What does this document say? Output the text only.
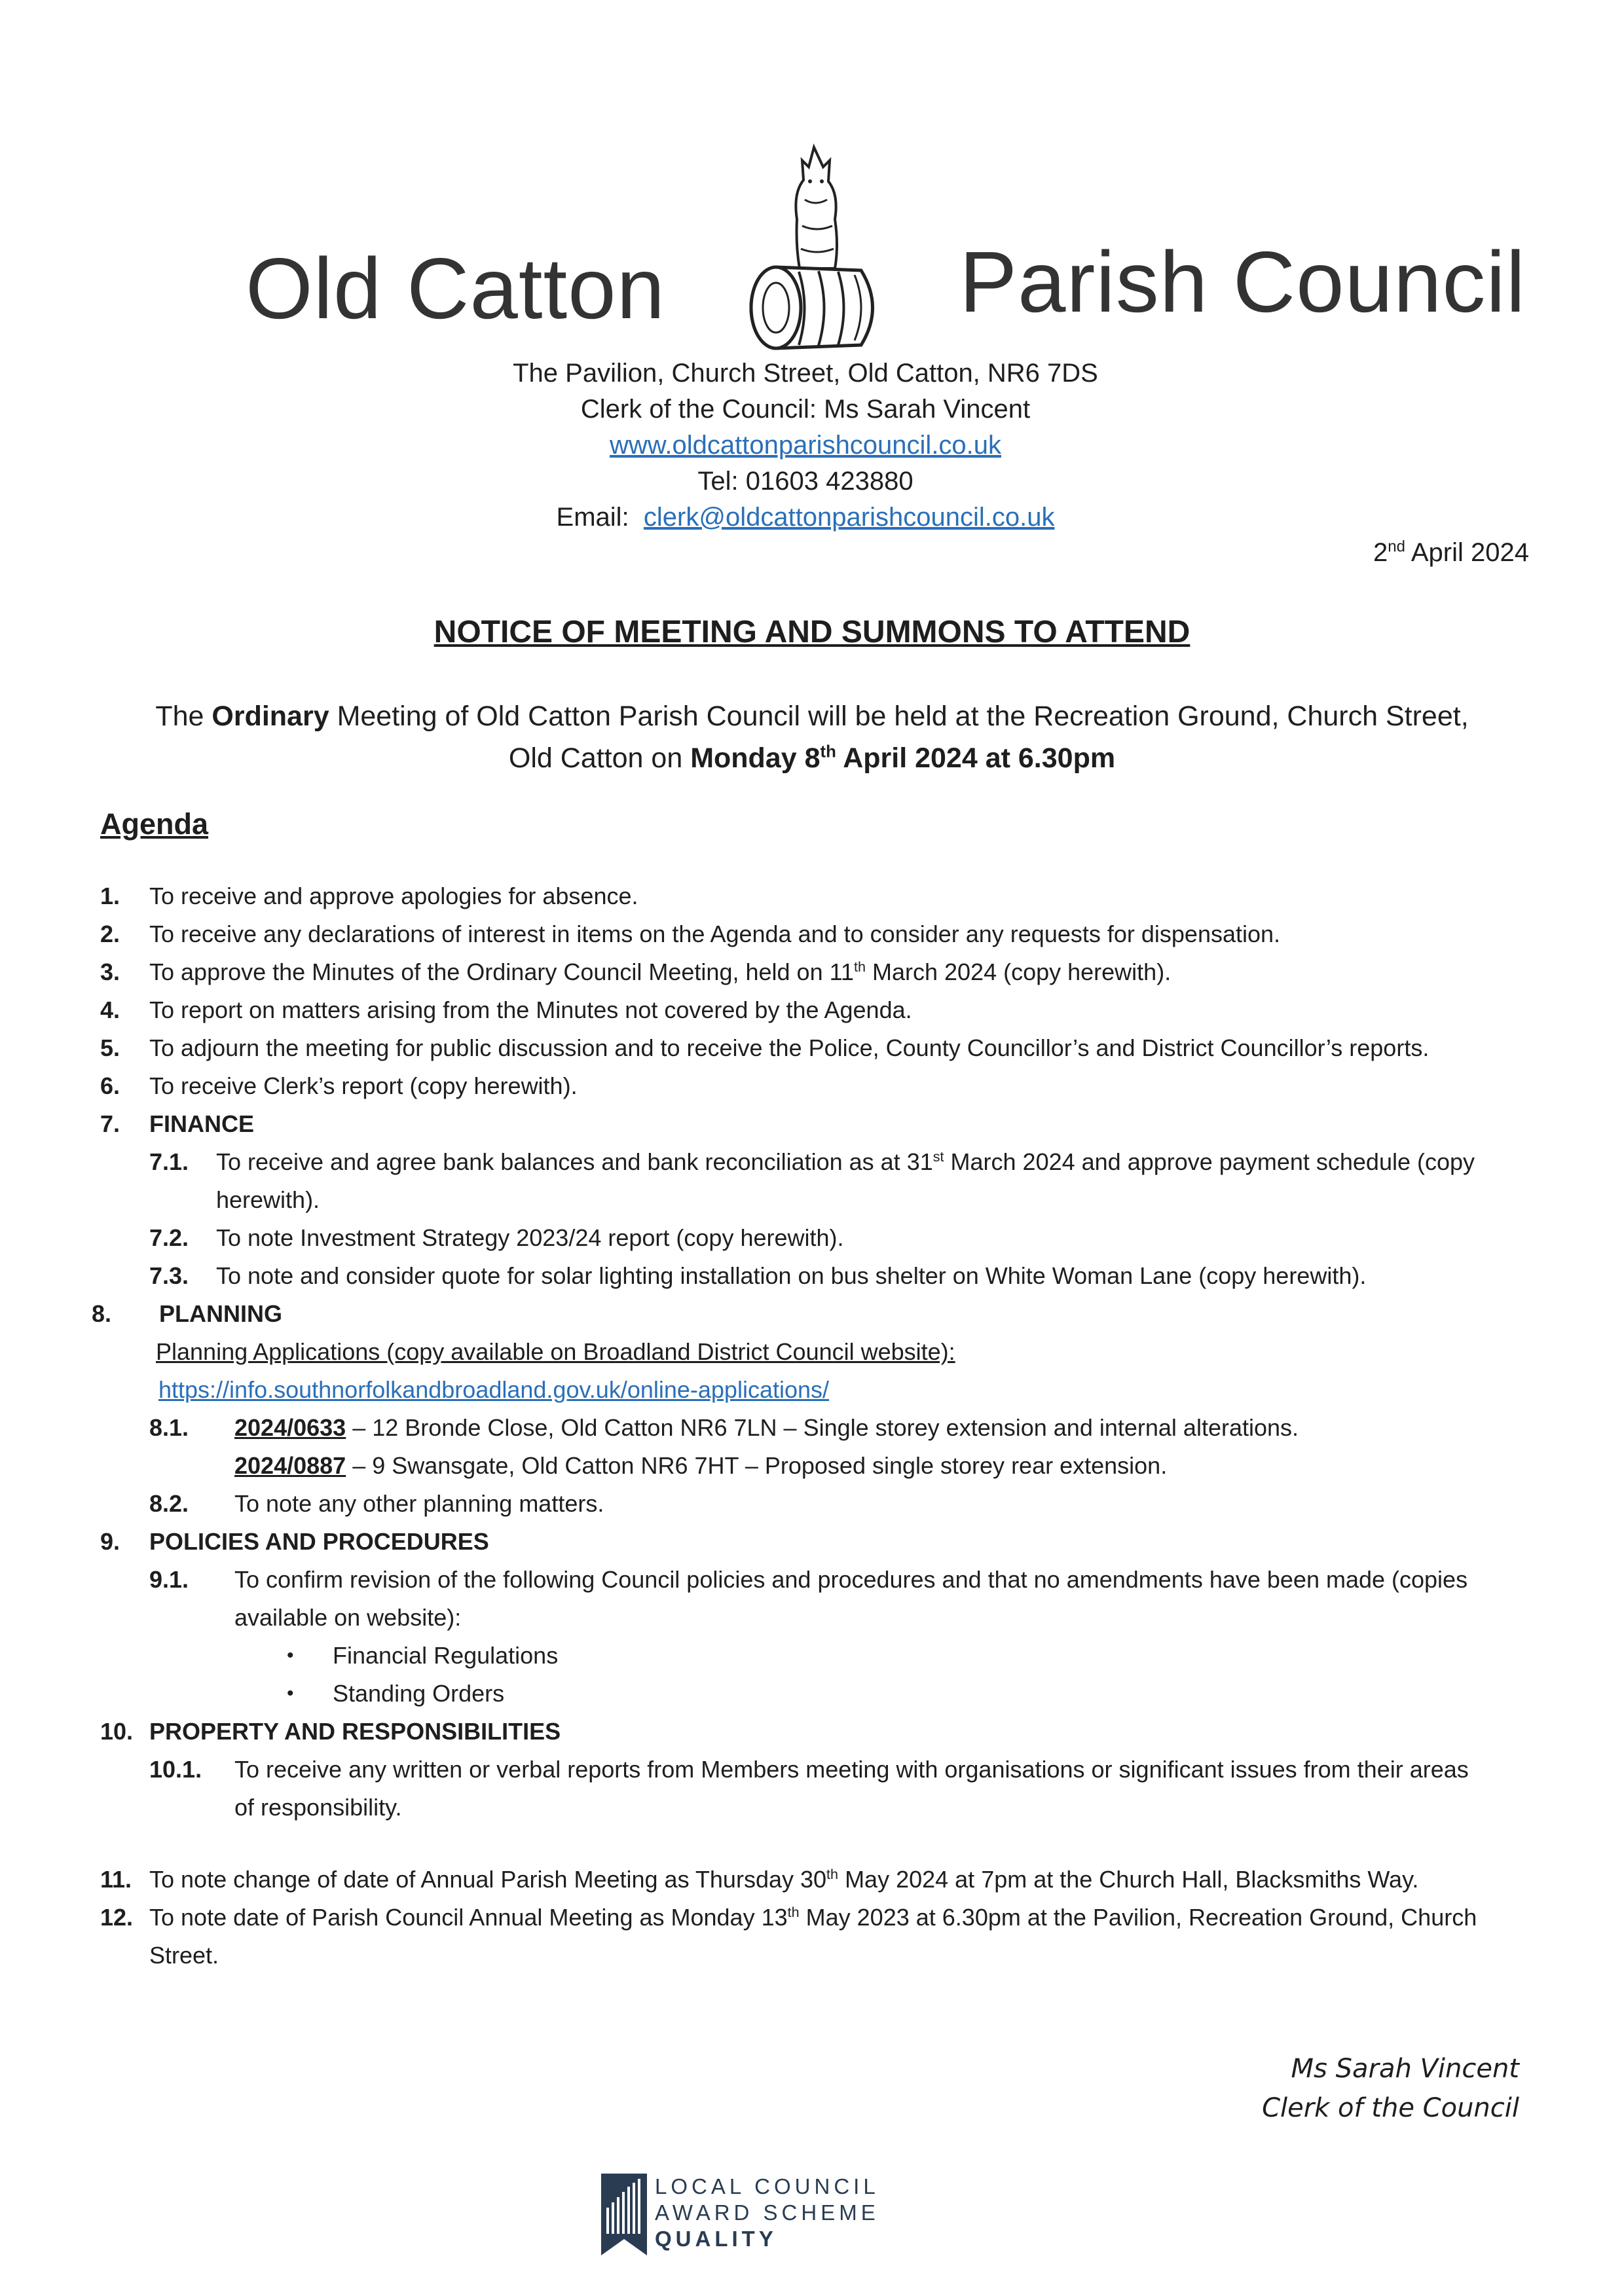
Old Catton	Parish Council
The Pavilion, Church Street, Old Catton, NR6 7DS
Clerk of the Council: Ms Sarah Vincent
www.oldcattonparishcouncil.co.uk
Tel: 01603 423880
Email: clerk@oldcattonparishcouncil.co.uk
2nd April 2024
NOTICE OF MEETING AND SUMMONS TO ATTEND
The Ordinary Meeting of Old Catton Parish Council will be held at the Recreation Ground, Church Street,
Old Catton on Monday 8th April 2024 at 6.30pm
Agenda
1. To receive and approve apologies for absence.
2. To receive any declarations of interest in items on the Agenda and to consider any requests for dispensation.
3. To approve the Minutes of the Ordinary Council Meeting, held on 11th March 2024 (copy herewith).
4. To report on matters arising from the Minutes not covered by the Agenda.
5. To adjourn the meeting for public discussion and to receive the Police, County Councillor’s and District Councillor’s reports.
6. To receive Clerk’s report (copy herewith).
7. FINANCE
7.1. To receive and agree bank balances and bank reconciliation as at 31st March 2024 and approve payment schedule (copy
herewith).
7.2. To note Investment Strategy 2023/24 report (copy herewith).
7.3. To note and consider quote for solar lighting installation on bus shelter on White Woman Lane (copy herewith).
8. PLANNING
Planning Applications (copy available on Broadland District Council website):
https://info.southnorfolkandbroadland.gov.uk/online-applications/
8.1. 2024/0633 – 12 Bronde Close, Old Catton NR6 7LN – Single storey extension and internal alterations.
2024/0887 – 9 Swansgate, Old Catton NR6 7HT – Proposed single storey rear extension.
8.2. To note any other planning matters.
9. POLICIES AND PROCEDURES
9.1. To confirm revision of the following Council policies and procedures and that no amendments have been made (copies
available on website):
• Financial Regulations
• Standing Orders
10. PROPERTY AND RESPONSIBILITIES
10.1. To receive any written or verbal reports from Members meeting with organisations or significant issues from their areas
of responsibility.
11. To note change of date of Annual Parish Meeting as Thursday 30th May 2024 at 7pm at the Church Hall, Blacksmiths Way.
12. To note date of Parish Council Annual Meeting as Monday 13th May 2023 at 6.30pm at the Pavilion, Recreation Ground, Church
Street.
Ms Sarah Vincent
Clerk of the Council
LOCAL COUNCIL
AWARD SCHEME
QUALITY
